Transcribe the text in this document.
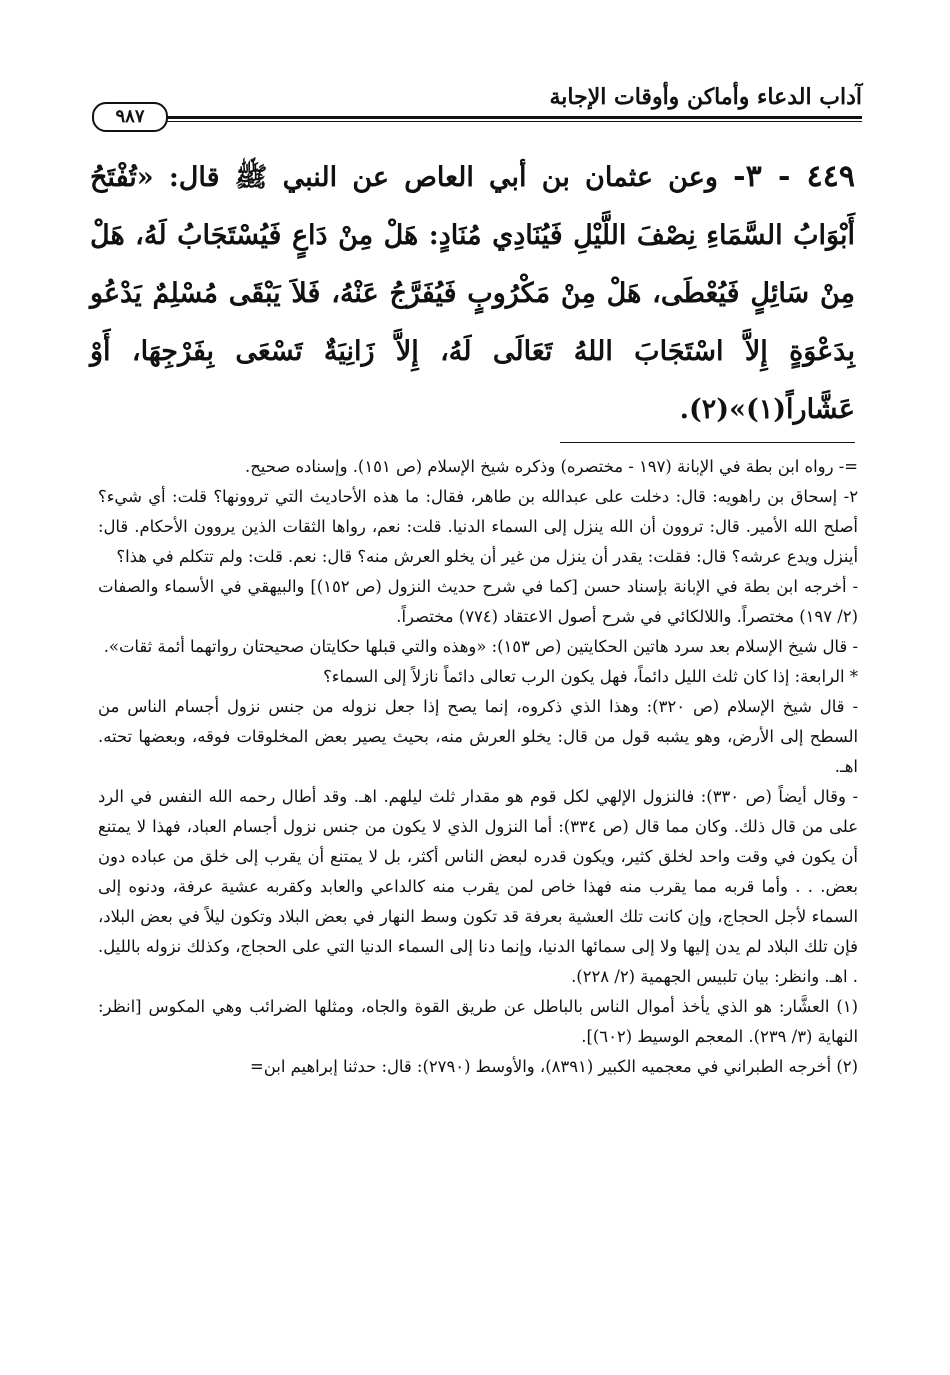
آداب الدعاء وأماكن وأوقات الإجابة
٩٨٧
٤٤٩ - ٣- وعن عثمان بن أبي العاص عن النبي ﷺ قال: «تُفْتَحُ أَبْوَابُ السَّمَاءِ نِصْفَ اللَّيْلِ فَيُنَادِي مُنَادٍ: هَلْ مِنْ دَاعٍ فَيُسْتَجَابُ لَهُ، هَلْ مِنْ سَائِلٍ فَيُعْطَى، هَلْ مِنْ مَكْرُوبٍ فَيُفَرَّجُ عَنْهُ، فَلاَ يَبْقَى مُسْلِمٌ يَدْعُو بِدَعْوَةٍ إِلاَّ اسْتَجَابَ اللهُ تَعَالَى لَهُ، إِلاَّ زَانِيَةٌ تَسْعَى بِفَرْجِهَا، أَوْ عَشَّاراً(١)»(٢).

=- رواه ابن بطة في الإبانة (١٩٧ - مختصره) وذكره شيخ الإسلام (ص ١٥١). وإسناده صحيح.

٢- إسحاق بن راهويه: قال: دخلت على عبدالله بن طاهر، فقال: ما هذه الأحاديث التي تروونها؟ قلت: أي شيء؟ أصلح الله الأمير. قال: تروون أن الله ينزل إلى السماء الدنيا. قلت: نعم، رواها الثقات الذين يروون الأحكام. قال: أينزل ويدع عرشه؟ قال: فقلت: يقدر أن ينزل من غير أن يخلو العرش منه؟ قال: نعم. قلت: ولم تتكلم في هذا؟

- أخرجه ابن بطة في الإبانة بإسناد حسن [كما في شرح حديث النزول (ص ١٥٢)] والبيهقي في الأسماء والصفات (٢/ ١٩٧) مختصراً. واللالكائي في شرح أصول الاعتقاد (٧٧٤) مختصراً.

- قال شيخ الإسلام بعد سرد هاتين الحكايتين (ص ١٥٣): «وهذه والتي قبلها حكايتان صحيحتان رواتهما أئمة ثقات».

* الرابعة: إذا كان ثلث الليل دائماً، فهل يكون الرب تعالى دائماً نازلاً إلى السماء؟

- قال شيخ الإسلام (ص ٣٢٠): وهذا الذي ذكروه، إنما يصح إذا جعل نزوله من جنس نزول أجسام الناس من السطح إلى الأرض، وهو يشبه قول من قال: يخلو العرش منه، بحيث يصير بعض المخلوقات فوقه، وبعضها تحته. اهـ.

- وقال أيضاً (ص ٣٣٠): فالنزول الإلهي لكل قوم هو مقدار ثلث ليلهم. اهـ. وقد أطال رحمه الله النفس في الرد على من قال ذلك. وكان مما قال (ص ٣٣٤): أما النزول الذي لا يكون من جنس نزول أجسام العباد، فهذا لا يمتنع أن يكون في وقت واحد لخلق كثير، ويكون قدره لبعض الناس أكثر، بل لا يمتنع أن يقرب إلى خلق من عباده دون بعض. . . وأما قربه مما يقرب منه فهذا خاص لمن يقرب منه كالداعي والعابد وكقربه عشية عرفة، ودنوه إلى السماء لأجل الحجاج، وإن كانت تلك العشية بعرفة قد تكون وسط النهار في بعض البلاد وتكون ليلاً في بعض البلاد، فإن تلك البلاد لم يدن إليها ولا إلى سمائها الدنيا، وإنما دنا إلى السماء الدنيا التي على الحجاج، وكذلك نزوله بالليل. . اهـ. وانظر: بيان تلبيس الجهمية (٢/ ٢٢٨).

(١) العشَّار: هو الذي يأخذ أموال الناس بالباطل عن طريق القوة والجاه، ومثلها الضرائب وهي المكوس [انظر: النهاية (٣/ ٢٣٩). المعجم الوسيط (٦٠٢)].

(٢) أخرجه الطبراني في معجميه الكبير (٨٣٩١)، والأوسط (٢٧٩٠): قال: حدثنا إبراهيم ابن=
